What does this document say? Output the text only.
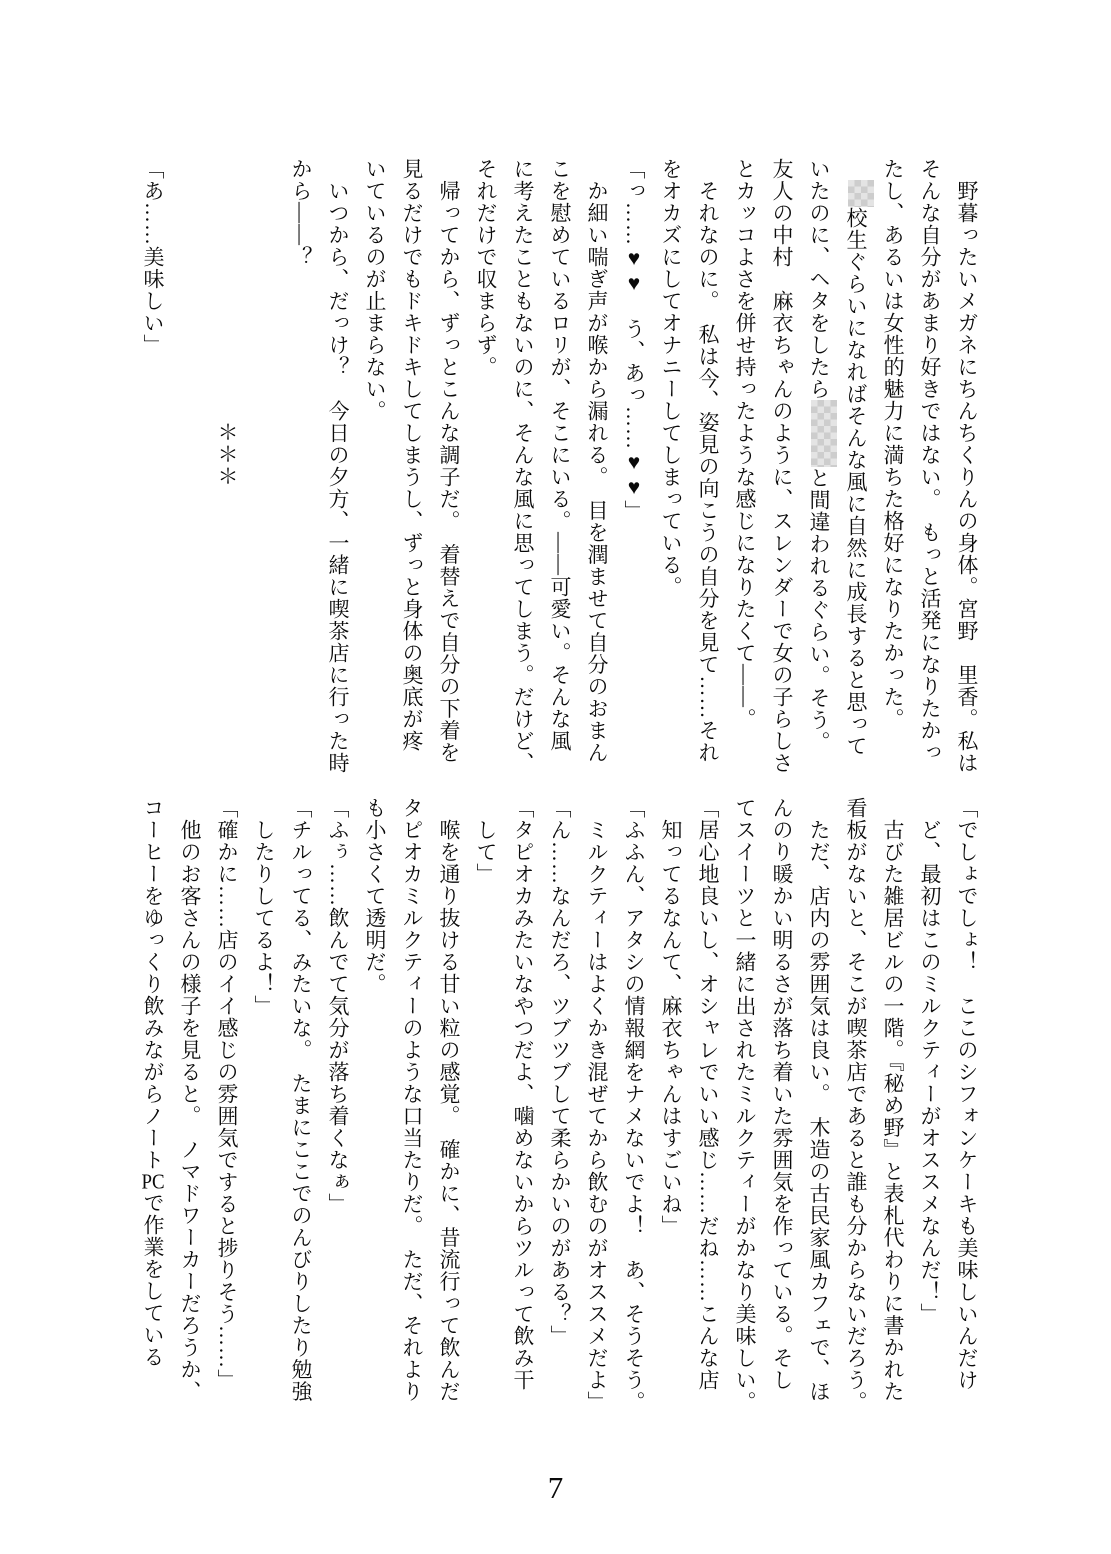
　野暮ったいメガネにちんちくりんの身体。宮野　里香。私は
そんな自分があまり好きではない。　もっと活発になりたかっ
たし、あるいは女性的魅力に満ちた格好になりたかった。
　校生ぐらいになればそんな風に自然に成長すると思って
いたのに、ヘタをしたらと間違われるぐらい。そう。
友人の中村　麻衣ちゃんのように、スレンダーで女の子らしさ
とカッコよさを併せ持ったような感じになりたくて――。
　それなのに。　私は今、姿見の向こうの自分を見て……それ
をオカズにしてオナニーしてしまっている。
「っ……♥♥　う、あっ……♥♥」
　か細い喘ぎ声が喉から漏れる。　目を潤ませて自分のおまん
こを慰めているロリが、そこにいる。――可愛い。そんな風
に考えたこともないのに、そんな風に思ってしまう。だけど、
それだけで収まらず。
　帰ってから、ずっとこんな調子だ。　着替えで自分の下着を
見るだけでもドキドキしてしまうし、ずっと身体の奥底が疼
いているのが止まらない。
　いつから、だっけ？　今日の夕方、一緒に喫茶店に行った時
から――？

＊＊＊

「あ……美味しい」
「でしょでしょ！　ここのシフォンケーキも美味しいんだけ
　ど、最初はこのミルクティーがオススメなんだ！」
　古びた雑居ビルの一階。『秘め野』と表札代わりに書かれた
看板がないと、そこが喫茶店であると誰も分からないだろう。
　ただ、店内の雰囲気は良い。　木造の古民家風カフェで、ほ
んのり暖かい明るさが落ち着いた雰囲気を作っている。そし
てスイーツと一緒に出されたミルクティーがかなり美味しい。
「居心地良いし、オシャレでいい感じ……だね……こんな店
　知ってるなんて、麻衣ちゃんはすごいね」
「ふふん、アタシの情報網をナメないでよ！　あ、そうそう。
　ミルクティーはよくかき混ぜてから飲むのがオススメだよ」
「ん……なんだろ、ツブツブして柔らかいのがある？」
「タピオカみたいなやつだよ、噛めないからツルって飲み干
　して」
　喉を通り抜ける甘い粒の感覚。　確かに、昔流行って飲んだ
タピオカミルクティーのような口当たりだ。　ただ、それより
も小さくて透明だ。
「ふぅ……飲んでて気分が落ち着くなぁ」
「チルってる、みたいな。　たまにここでのんびりしたり勉強
　したりしてるよ！」
「確かに……店のイイ感じの雰囲気ですると捗りそう……」
　他のお客さんの様子を見ると。　ノマドワーカーだろうか、
コーヒーをゆっくり飲みながらノートPCで作業をしている
7
